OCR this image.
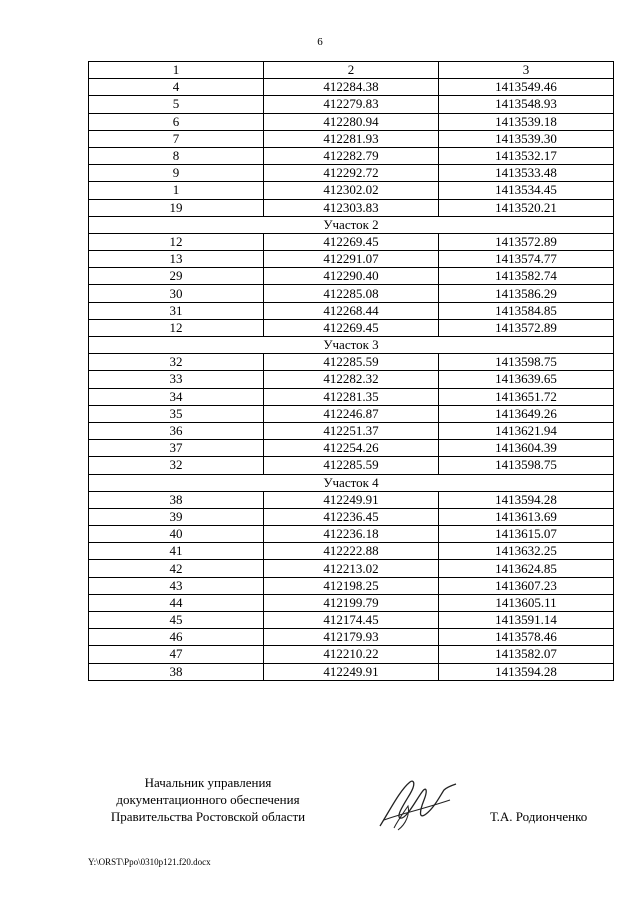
6
1	2	3
4	412284.38	1413549.46
5	412279.83	1413548.93
6	412280.94	1413539.18
7	412281.93	1413539.30
8	412282.79	1413532.17
9	412292.72	1413533.48
1	412302.02	1413534.45
19	412303.83	1413520.21
	Участок 2	
12	412269.45	1413572.89
13	412291.07	1413574.77
29	412290.40	1413582.74
30	412285.08	1413586.29
31	412268.44	1413584.85
12	412269.45	1413572.89
	Участок 3	
32	412285.59	1413598.75
33	412282.32	1413639.65
34	412281.35	1413651.72
35	412246.87	1413649.26
36	412251.37	1413621.94
37	412254.26	1413604.39
32	412285.59	1413598.75
	Участок 4	
38	412249.91	1413594.28
39	412236.45	1413613.69
40	412236.18	1413615.07
41	412222.88	1413632.25
42	412213.02	1413624.85
43	412198.25	1413607.23
44	412199.79	1413605.11
45	412174.45	1413591.14
46	412179.93	1413578.46
47	412210.22	1413582.07
38	412249.91	1413594.28
Начальник управления
документационного обеспечения
Правительства Ростовской области	Т.А. Родионченко
Y:\ORST\Ppo\0310p121.f20.docx
